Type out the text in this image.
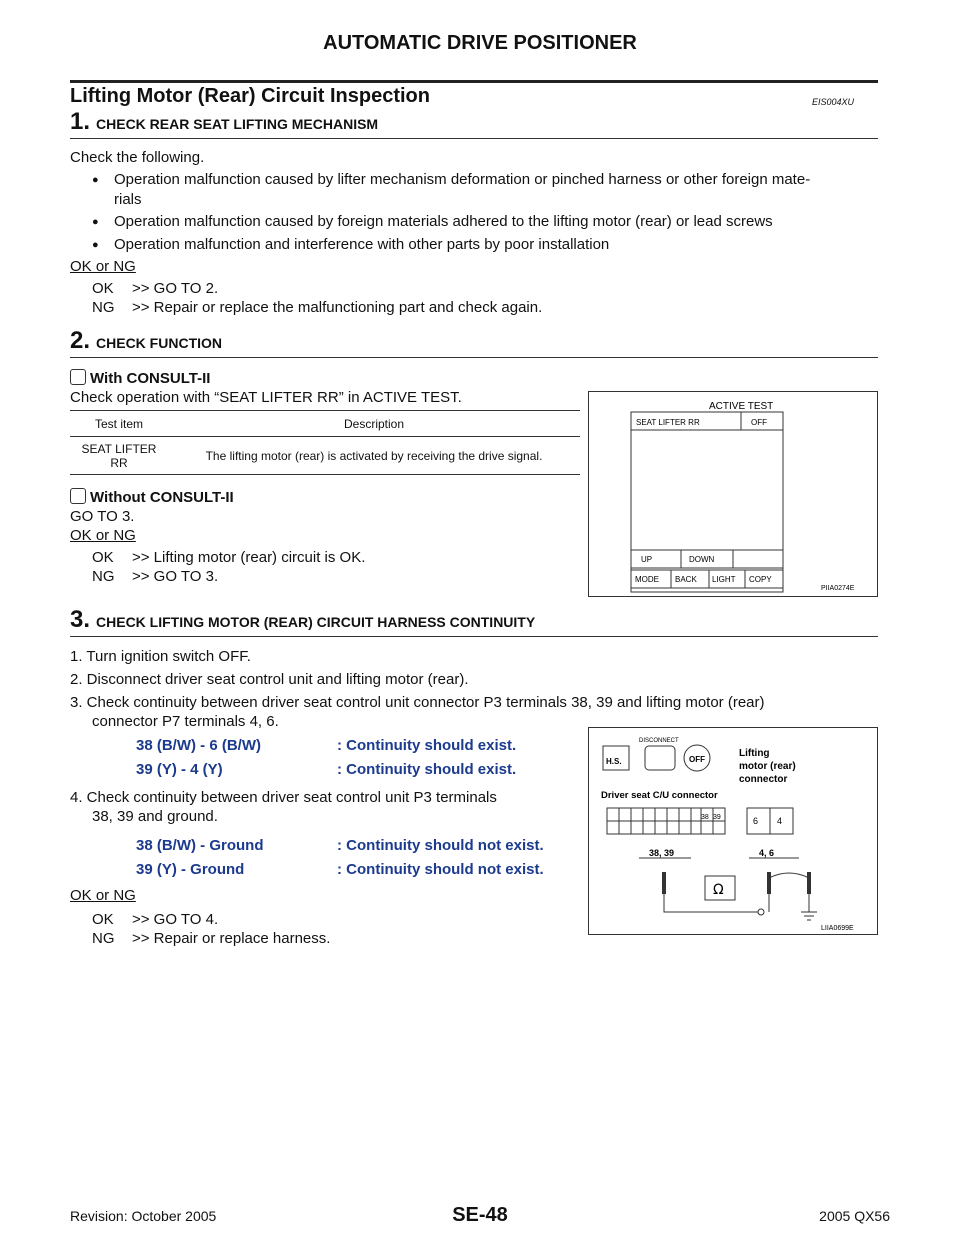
AUTOMATIC DRIVE POSITIONER
Lifting Motor (Rear) Circuit Inspection	EIS004XU
1. CHECK REAR SEAT LIFTING MECHANISM
Check the following.
● Operation malfunction caused by lifter mechanism deformation or pinched harness or other foreign mate-
rials
● Operation malfunction caused by foreign materials adhered to the lifting motor (rear) or lead screws
● Operation malfunction and interference with other parts by poor installation
OK or NG
OK >> GO TO 2.
NG >> Repair or replace the malfunctioning part and check again.
2. CHECK FUNCTION
With CONSULT-II
Check operation with “SEAT LIFTER RR” in ACTIVE TEST.
Test item	Description
SEAT LIFTER
RR	The lifting motor (rear) is activated by receiving the drive signal.
Without CONSULT-II
GO TO 3.
OK or NG
OK >> Lifting motor (rear) circuit is OK.
NG >> GO TO 3.
ACTIVE TEST
SEAT LIFTER RR	OFF
UP	DOWN
MODE BACK LIGHT COPY
PIIA0274E
3. CHECK LIFTING MOTOR (REAR) CIRCUIT HARNESS CONTINUITY
1. Turn ignition switch OFF.
2. Disconnect driver seat control unit and lifting motor (rear).
3. Check continuity between driver seat control unit connector P3 terminals 38, 39 and lifting motor (rear)
connector P7 terminals 4, 6.
38 (B/W) - 6 (B/W)	: Continuity should exist.
39 (Y) - 4 (Y)	: Continuity should exist.
4. Check continuity between driver seat control unit P3 terminals
38, 39 and ground.
38 (B/W) - Ground	: Continuity should not exist.
39 (Y) - Ground	: Continuity should not exist.
OK or NG
OK >> GO TO 4.
NG >> Repair or replace harness.
H.S.
DISCONNECT
OFF
Lifting
motor (rear)
connector
Driver seat C/U connector
38 39	6 4
38, 39	4, 6
Ω
LIIA0699E
Revision: October 2005	SE-48	2005 QX56
